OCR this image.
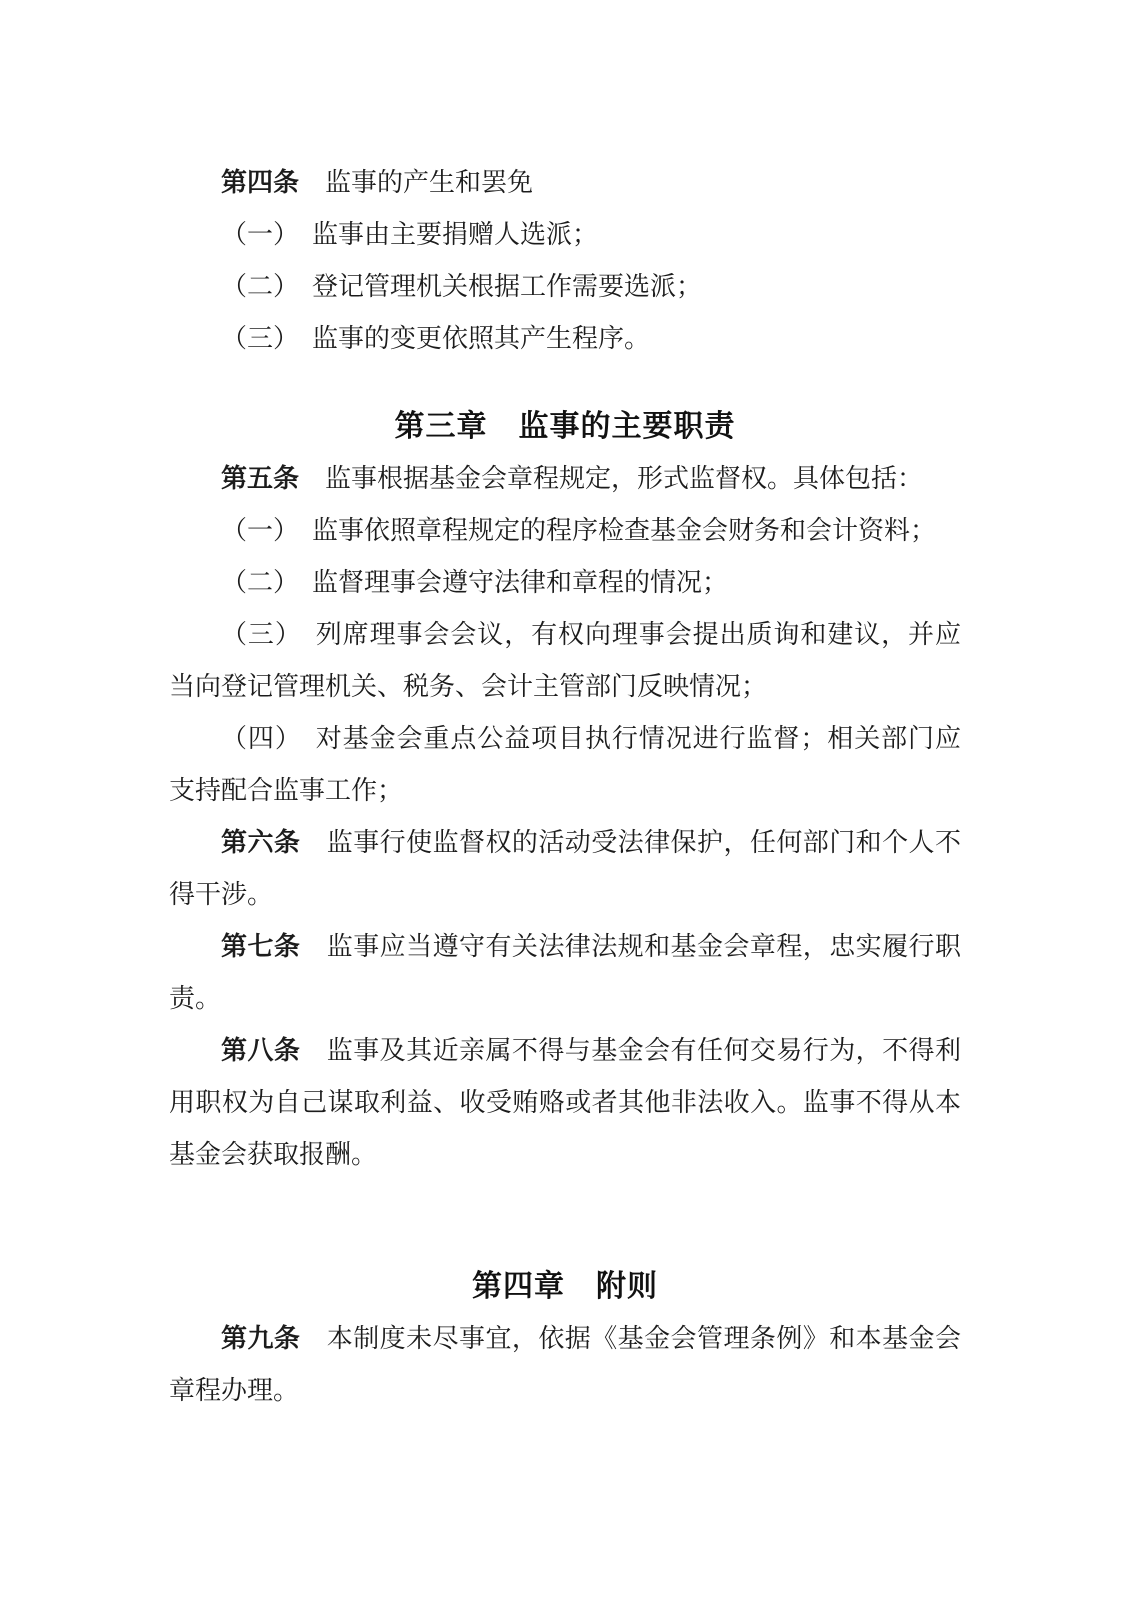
第四条　 监事的产生和罢免

（一）　 监事由主要捐赠人选派；

（二）　 登记管理机关根据工作需要选派；

（三）　 监事的变更依照其产生程序。

第三章　 监事的主要职责

第五条　 监事根据基金会章程规定，形式监督权。具体包括：

（一）　 监事依照章程规定的程序检查基金会财务和会计资料；

（二）　 监督理事会遵守法律和章程的情况；

（三）　 列席理事会会议，有权向理事会提出质询和建议，并应当向登记管理机关、税务、会计主管部门反映情况；

（四）　 对基金会重点公益项目执行情况进行监督；相关部门应支持配合监事工作；

第六条　 监事行使监督权的活动受法律保护，任何部门和个人不得干涉。

第七条　 监事应当遵守有关法律法规和基金会章程，忠实履行职责。

第八条　 监事及其近亲属不得与基金会有任何交易行为，不得利用职权为自己谋取利益、收受贿赂或者其他非法收入。监事不得从本基金会获取报酬。

第四章　 附则

第九条　 本制度未尽事宜，依据《基金会管理条例》和本基金会章程办理。
